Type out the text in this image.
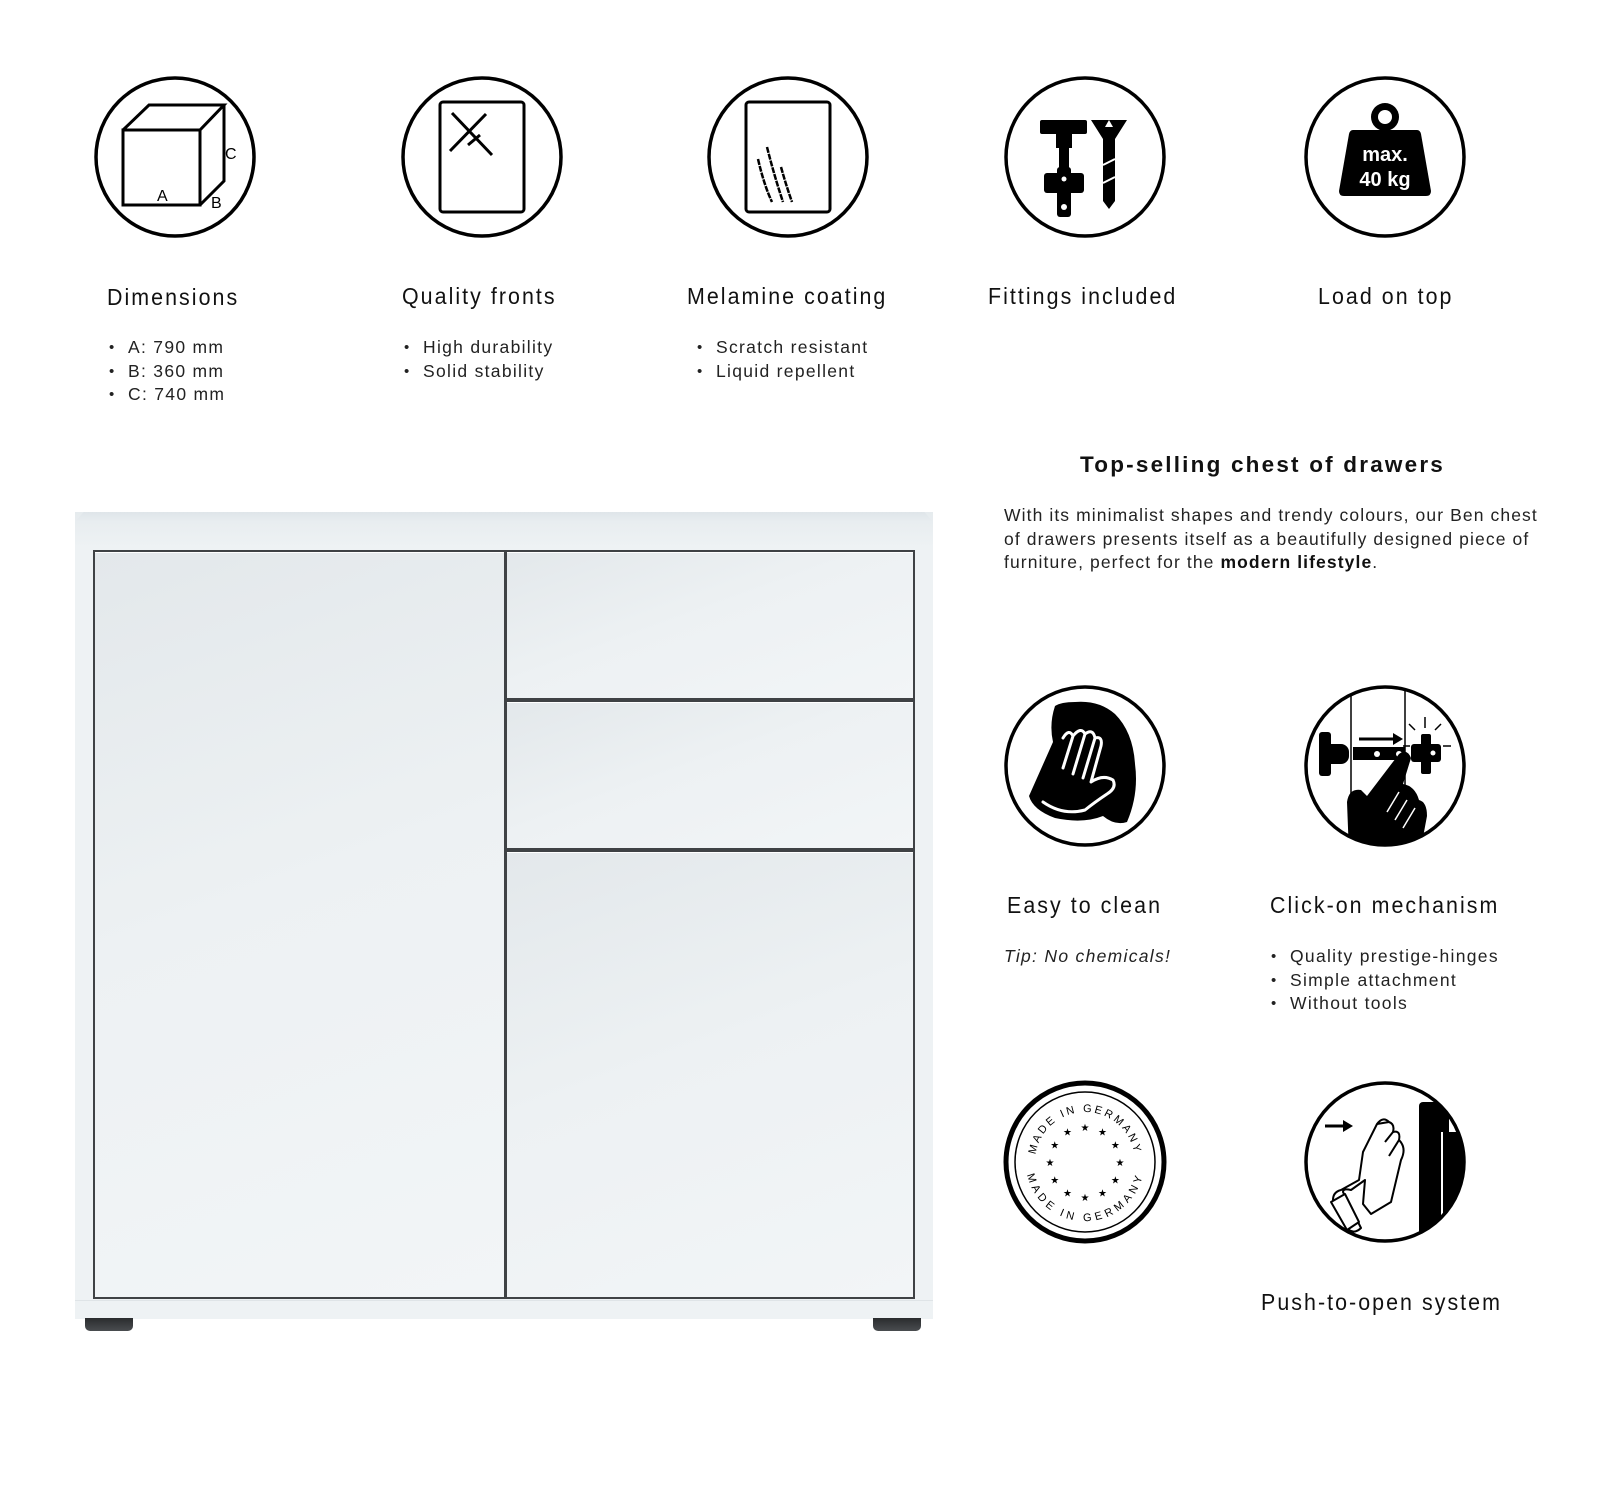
A
C
B
max.
40 kg
Dimensions	Quality fronts	Melamine coating	Fittings included	Load on top
• A: 790 mm
• B: 360 mm
• C: 740 mm
• High durability
• Solid stability
• Scratch resistant
• Liquid repellent
Top-selling chest of drawers
With its minimalist shapes and trendy colours, our Ben chest of drawers presents itself as a beautifully designed piece of furniture, perfect for the modern lifestyle.
Easy to clean	Click-on mechanism
Tip: No chemicals!	• Quality prestige-hinges
• Simple attachment
• Without tools
MADE IN GERMANY
MADE IN GERMANY
★
★
★
★
★
★
★
★
★ ★ ★
★
Push-to-open system
